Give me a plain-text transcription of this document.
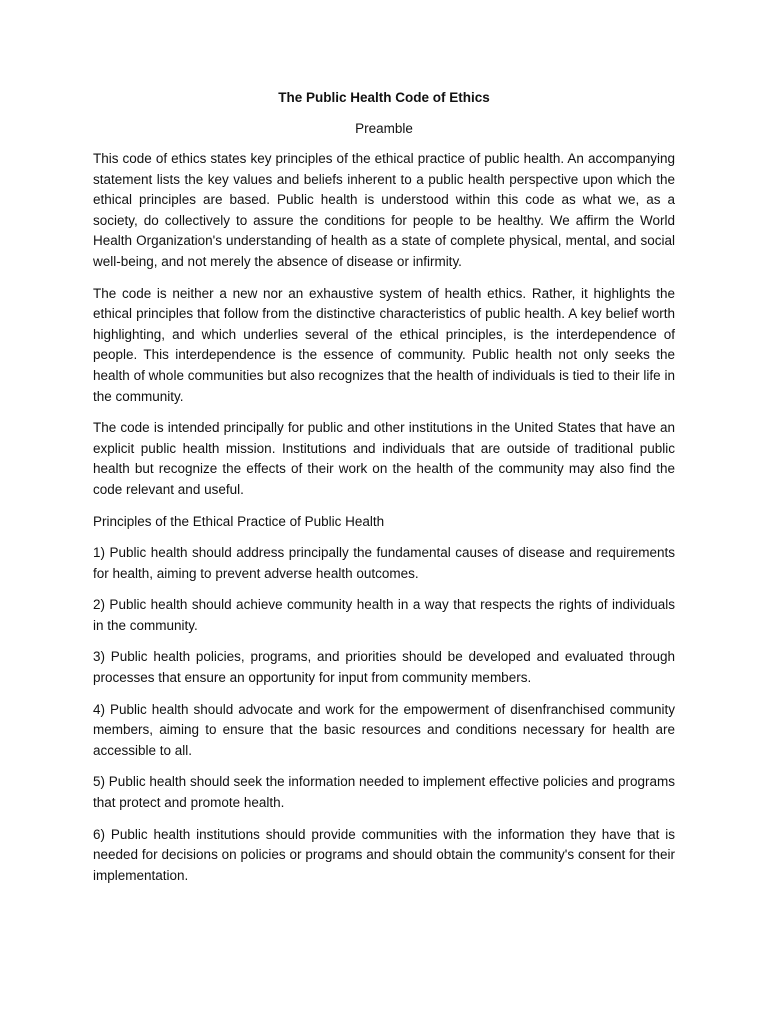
The Public Health Code of Ethics
Preamble

This code of ethics states key principles of the ethical practice of public health. An accompanying statement lists the key values and beliefs inherent to a public health perspective upon which the ethical principles are based. Public health is understood within this code as what we, as a society, do collectively to assure the conditions for people to be healthy. We affirm the World Health Organization's understanding of health as a state of complete physical, mental, and social well-being, and not merely the absence of disease or infirmity.

The code is neither a new nor an exhaustive system of health ethics. Rather, it highlights the ethical principles that follow from the distinctive characteristics of public health. A key belief worth highlighting, and which underlies several of the ethical principles, is the interdependence of people. This interdependence is the essence of community. Public health not only seeks the health of whole communities but also recognizes that the health of individuals is tied to their life in the community.

The code is intended principally for public and other institutions in the United States that have an explicit public health mission. Institutions and individuals that are outside of traditional public health but recognize the effects of their work on the health of the community may also find the code relevant and useful.

Principles of the Ethical Practice of Public Health

1) Public health should address principally the fundamental causes of disease and requirements for health, aiming to prevent adverse health outcomes.

2) Public health should achieve community health in a way that respects the rights of individuals in the community.

3) Public health policies, programs, and priorities should be developed and evaluated through processes that ensure an opportunity for input from community members.

4) Public health should advocate and work for the empowerment of disenfranchised community members, aiming to ensure that the basic resources and conditions necessary for health are accessible to all.

5) Public health should seek the information needed to implement effective policies and programs that protect and promote health.

6) Public health institutions should provide communities with the information they have that is needed for decisions on policies or programs and should obtain the community's consent for their implementation.
